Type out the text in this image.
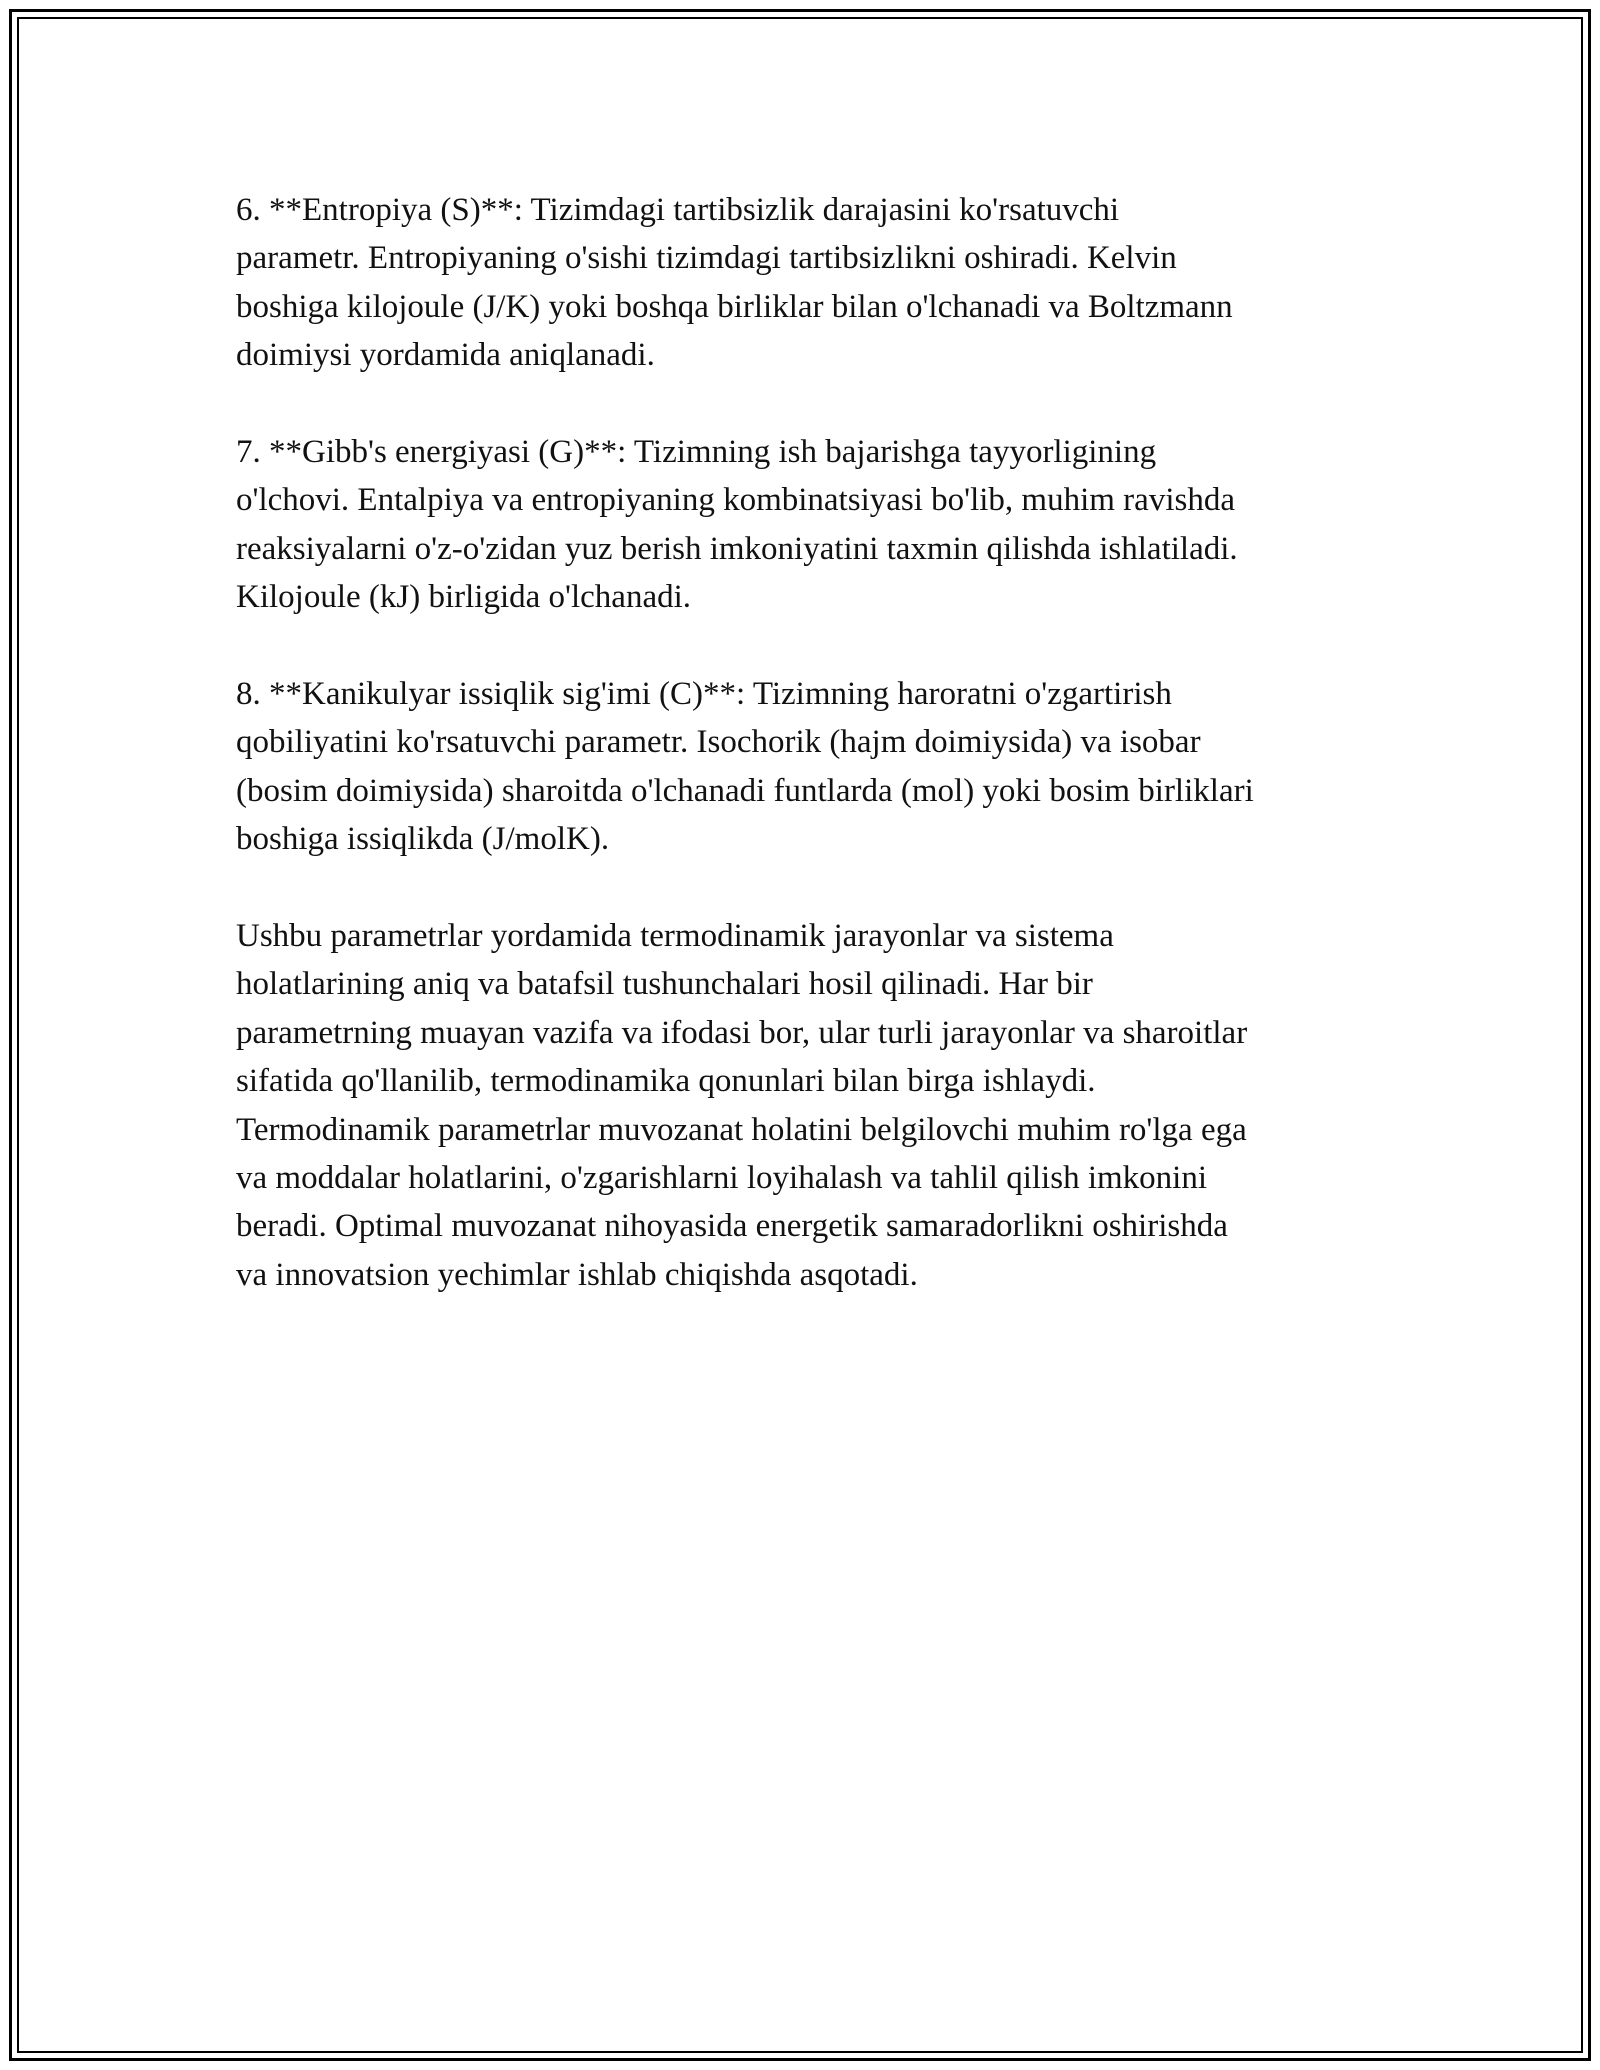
6. **Entropiya (S)**: Tizimdagi tartibsizlik darajasini ko'rsatuvchi
parametr. Entropiyaning o'sishi tizimdagi tartibsizlikni oshiradi. Kelvin
boshiga kilojoule (J/K) yoki boshqa birliklar bilan o'lchanadi va Boltzmann
doimiysi yordamida aniqlanadi.

7. **Gibb's energiyasi (G)**: Tizimning ish bajarishga tayyorligining
o'lchovi. Entalpiya va entropiyaning kombinatsiyasi bo'lib, muhim ravishda
reaksiyalarni o'z-o'zidan yuz berish imkoniyatini taxmin qilishda ishlatiladi.
Kilojoule (kJ) birligida o'lchanadi.

8. **Kanikulyar issiqlik sig'imi (C)**: Tizimning haroratni o'zgartirish
qobiliyatini ko'rsatuvchi parametr. Isochorik (hajm doimiysida) va isobar
(bosim doimiysida) sharoitda o'lchanadi funtlarda (mol) yoki bosim birliklari
boshiga issiqlikda (J/molK).

Ushbu parametrlar yordamida termodinamik jarayonlar va sistema
holatlarining aniq va batafsil tushunchalari hosil qilinadi. Har bir
parametrning muayan vazifa va ifodasi bor, ular turli jarayonlar va sharoitlar
sifatida qo'llanilib, termodinamika qonunlari bilan birga ishlaydi.
Termodinamik parametrlar muvozanat holatini belgilovchi muhim ro'lga ega
va moddalar holatlarini, o'zgarishlarni loyihalash va tahlil qilish imkonini
beradi. Optimal muvozanat nihoyasida energetik samaradorlikni oshirishda
va innovatsion yechimlar ishlab chiqishda asqotadi.
